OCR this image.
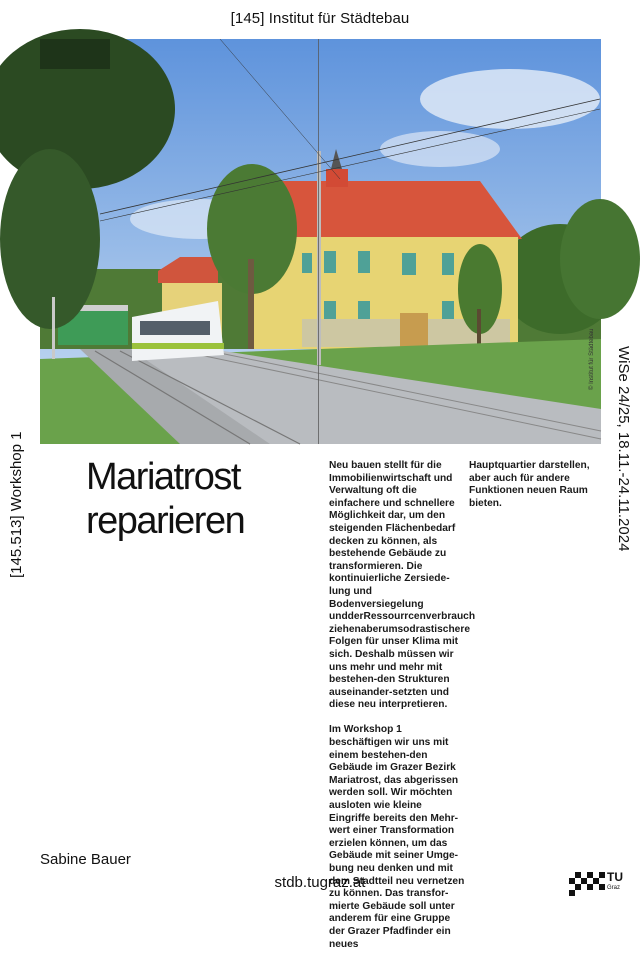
[145] Institut für Städtebau
© Institut für Städtebau
[145.513] Workshop 1	WiSe 24/25, 18.11.-24.11.2024
Mariatrost
reparieren

Neu bauen stellt für die Immobilienwirtschaft und Verwaltung oft die einfachere und schnellere Möglichkeit dar, um den steigenden Flächenbedarf decken zu können, als bestehende Gebäude zu transformieren. Die kontinuierliche Zersiede-lung und Bodenversiegelung undderRessourrcenverbrauch ziehenaberumsodrastischere Folgen für unser Klima mit sich. Deshalb müssen wir uns mehr und mehr mit bestehen-den Strukturen auseinander-setzten und diese neu interpretieren.

Im Workshop 1 beschäftigen wir uns mit einem bestehen-den Gebäude im Grazer Bezirk Mariatrost, das abgerissen werden soll. Wir möchten ausloten wie kleine Eingriffe bereits den Mehr-wert einer Transformation erzielen können, um das Gebäude mit seiner Umge-bung neu denken und mit dem Stadtteil neu vernetzen zu können. Das transfor-mierte Gebäude soll unter anderem für eine Gruppe der Grazer Pfadfinder ein neues

Hauptquartier darstellen, aber auch für andere Funktionen neuen Raum bieten.

Sabine Bauer
stdb.tugraz.at	TU
Graz
